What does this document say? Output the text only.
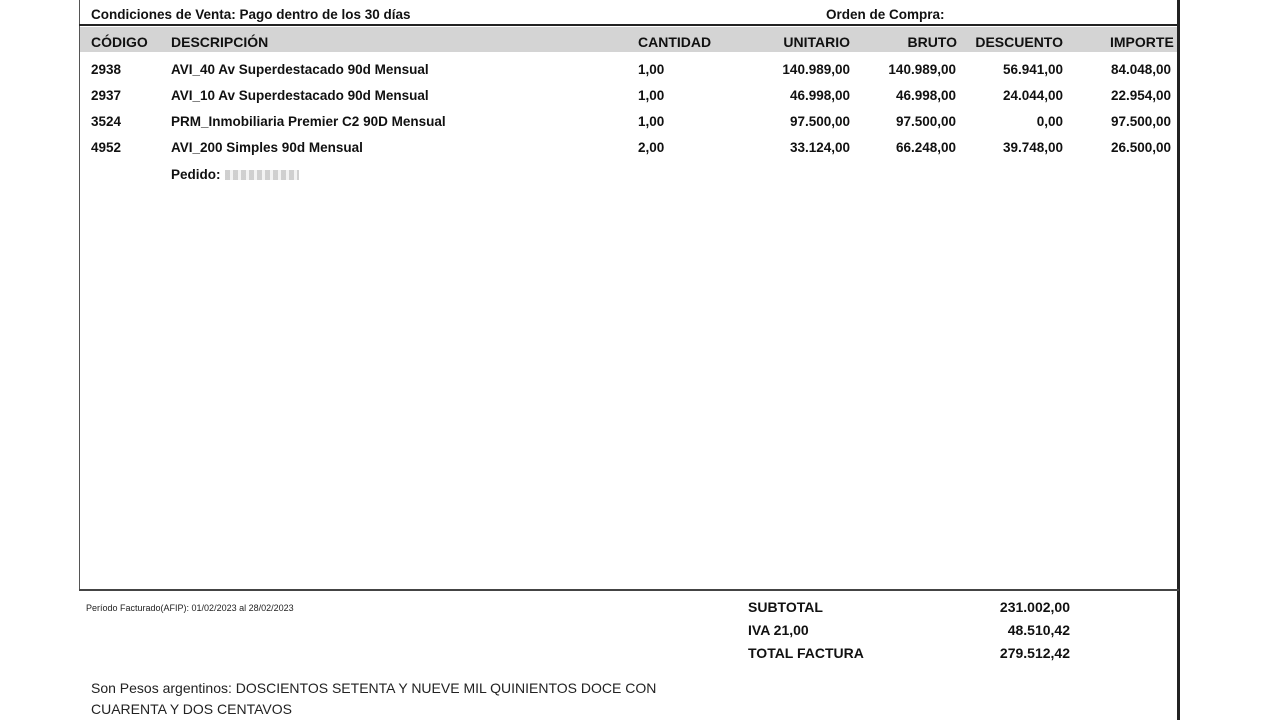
Condiciones de Venta: Pago dentro de los 30 días	Orden de Compra:
CÓDIGO DESCRIPCIÓN	CANTIDAD	UNITARIO	BRUTO DESCUENTO	IMPORTE
2938	AVI_40 Av Superdestacado 90d Mensual	1,00	140.989,00	140.989,00	56.941,00	84.048,00
2937	AVI_10 Av Superdestacado 90d Mensual	1,00	46.998,00	46.998,00	24.044,00	22.954,00
3524	PRM_Inmobiliaria Premier C2 90D Mensual	1,00	97.500,00	97.500,00	0,00	97.500,00
4952	AVI_200 Simples 90d Mensual	2,00	33.124,00	66.248,00	39.748,00	26.500,00
Pedido:
Período Facturado(AFIP): 01/02/2023 al 28/02/2023	SUBTOTAL	231.002,00
IVA 21,00	48.510,42
TOTAL FACTURA	279.512,42
Son Pesos argentinos: DOSCIENTOS SETENTA Y NUEVE MIL QUINIENTOS DOCE CON
CUARENTA Y DOS CENTAVOS
